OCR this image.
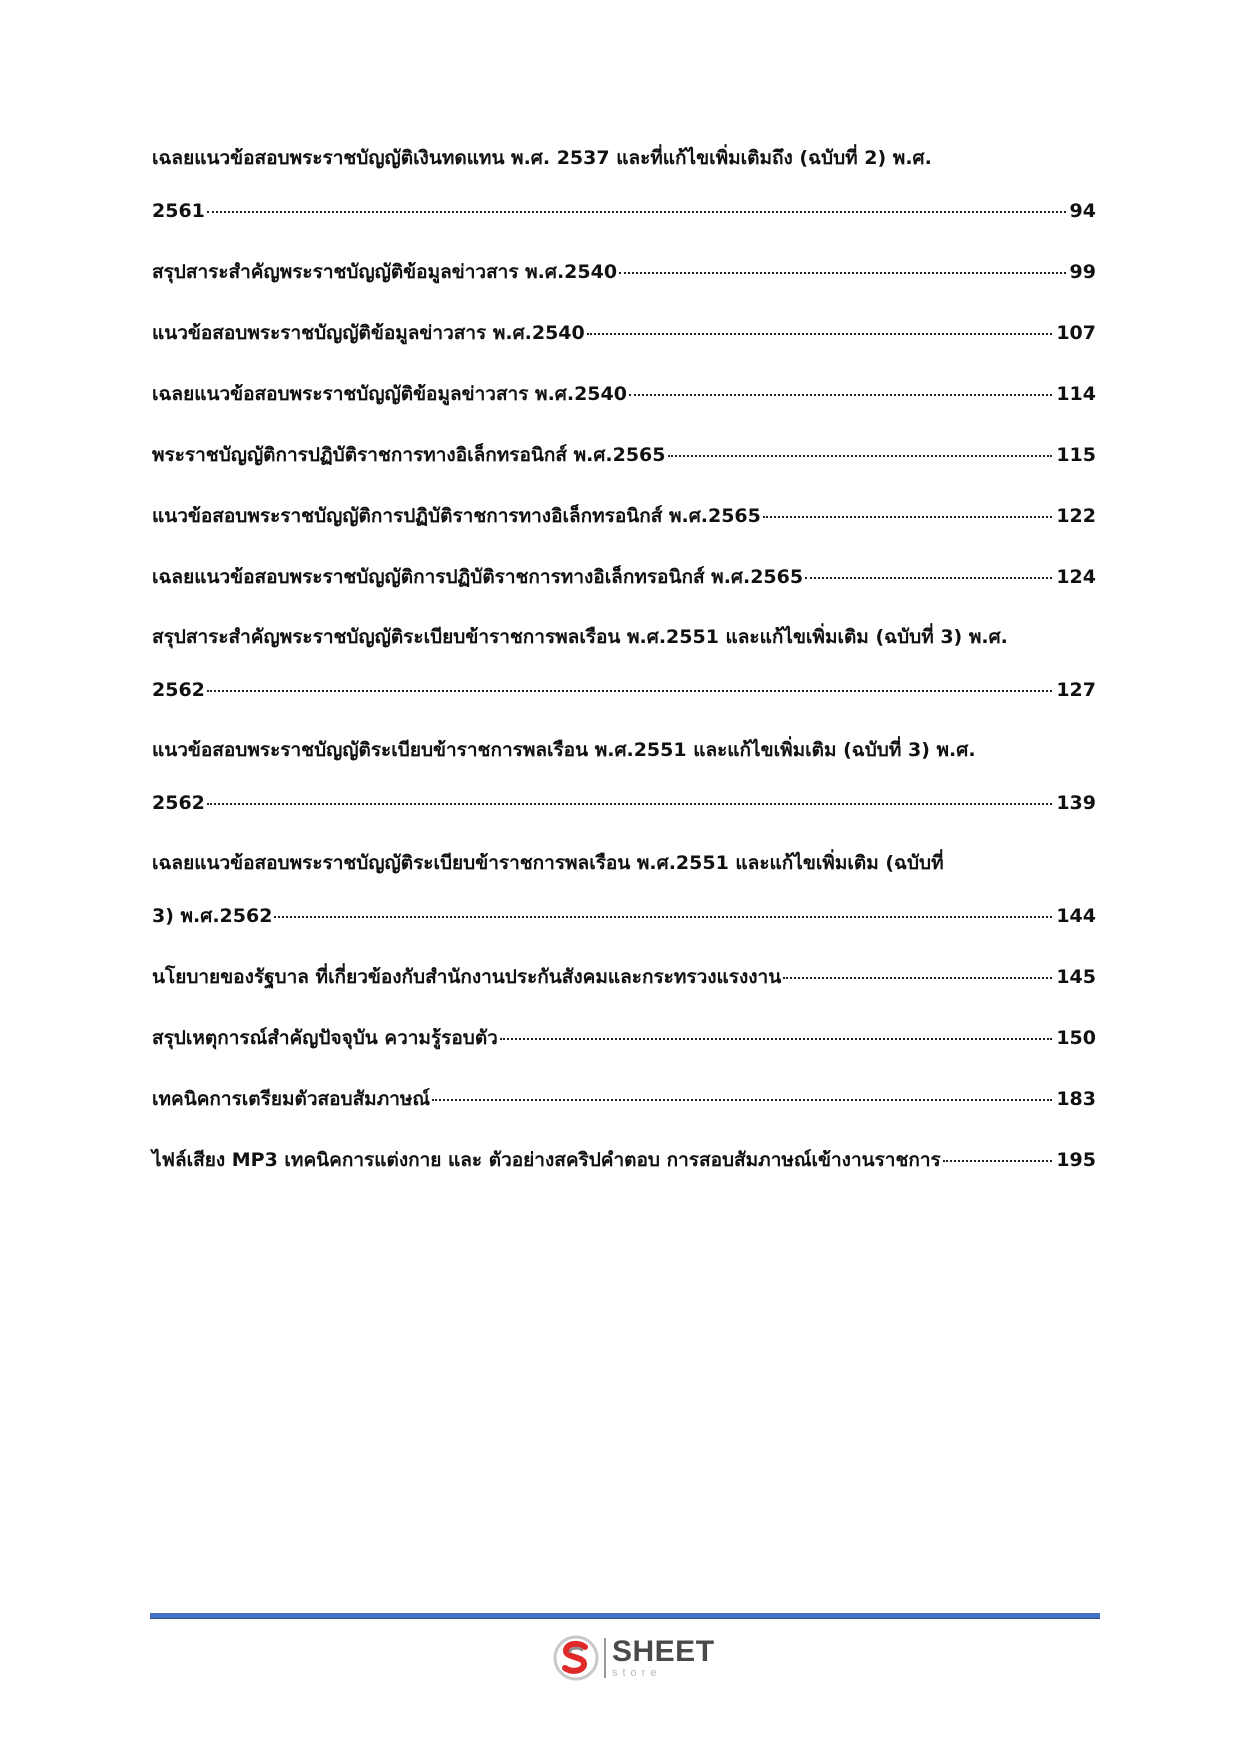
เฉลยแนวข้อสอบพระราชบัญญัติเงินทดแทน พ.ศ. 2537 และที่แก้ไขเพิ่มเติมถึง (ฉบับที่ 2) พ.ศ.
2561	94
สรุปสาระสำคัญพระราชบัญญัติข้อมูลข่าวสาร พ.ศ.2540	99
แนวข้อสอบพระราชบัญญัติข้อมูลข่าวสาร พ.ศ.2540	107
เฉลยแนวข้อสอบพระราชบัญญัติข้อมูลข่าวสาร พ.ศ.2540	114
พระราชบัญญัติการปฏิบัติราชการทางอิเล็กทรอนิกส์ พ.ศ.2565	115
แนวข้อสอบพระราชบัญญัติการปฏิบัติราชการทางอิเล็กทรอนิกส์ พ.ศ.2565	122
เฉลยแนวข้อสอบพระราชบัญญัติการปฏิบัติราชการทางอิเล็กทรอนิกส์ พ.ศ.2565	124
สรุปสาระสำคัญพระราชบัญญัติระเบียบข้าราชการพลเรือน พ.ศ.2551 และแก้ไขเพิ่มเติม (ฉบับที่ 3) พ.ศ.
2562	127
แนวข้อสอบพระราชบัญญัติระเบียบข้าราชการพลเรือน พ.ศ.2551 และแก้ไขเพิ่มเติม (ฉบับที่ 3) พ.ศ.
2562	139
เฉลยแนวข้อสอบพระราชบัญญัติระเบียบข้าราชการพลเรือน พ.ศ.2551 และแก้ไขเพิ่มเติม (ฉบับที่
3) พ.ศ.2562	144
นโยบายของรัฐบาล ที่เกี่ยวข้องกับสำนักงานประกันสังคมและกระทรวงแรงงาน	145
สรุปเหตุการณ์สำคัญปัจจุบัน ความรู้รอบตัว	150
เทคนิคการเตรียมตัวสอบสัมภาษณ์	183
ไฟล์เสียง MP3 เทคนิคการแต่งกาย และ ตัวอย่างสคริปคำตอบ การสอบสัมภาษณ์เข้างานราชการ	195
SHEET
store
